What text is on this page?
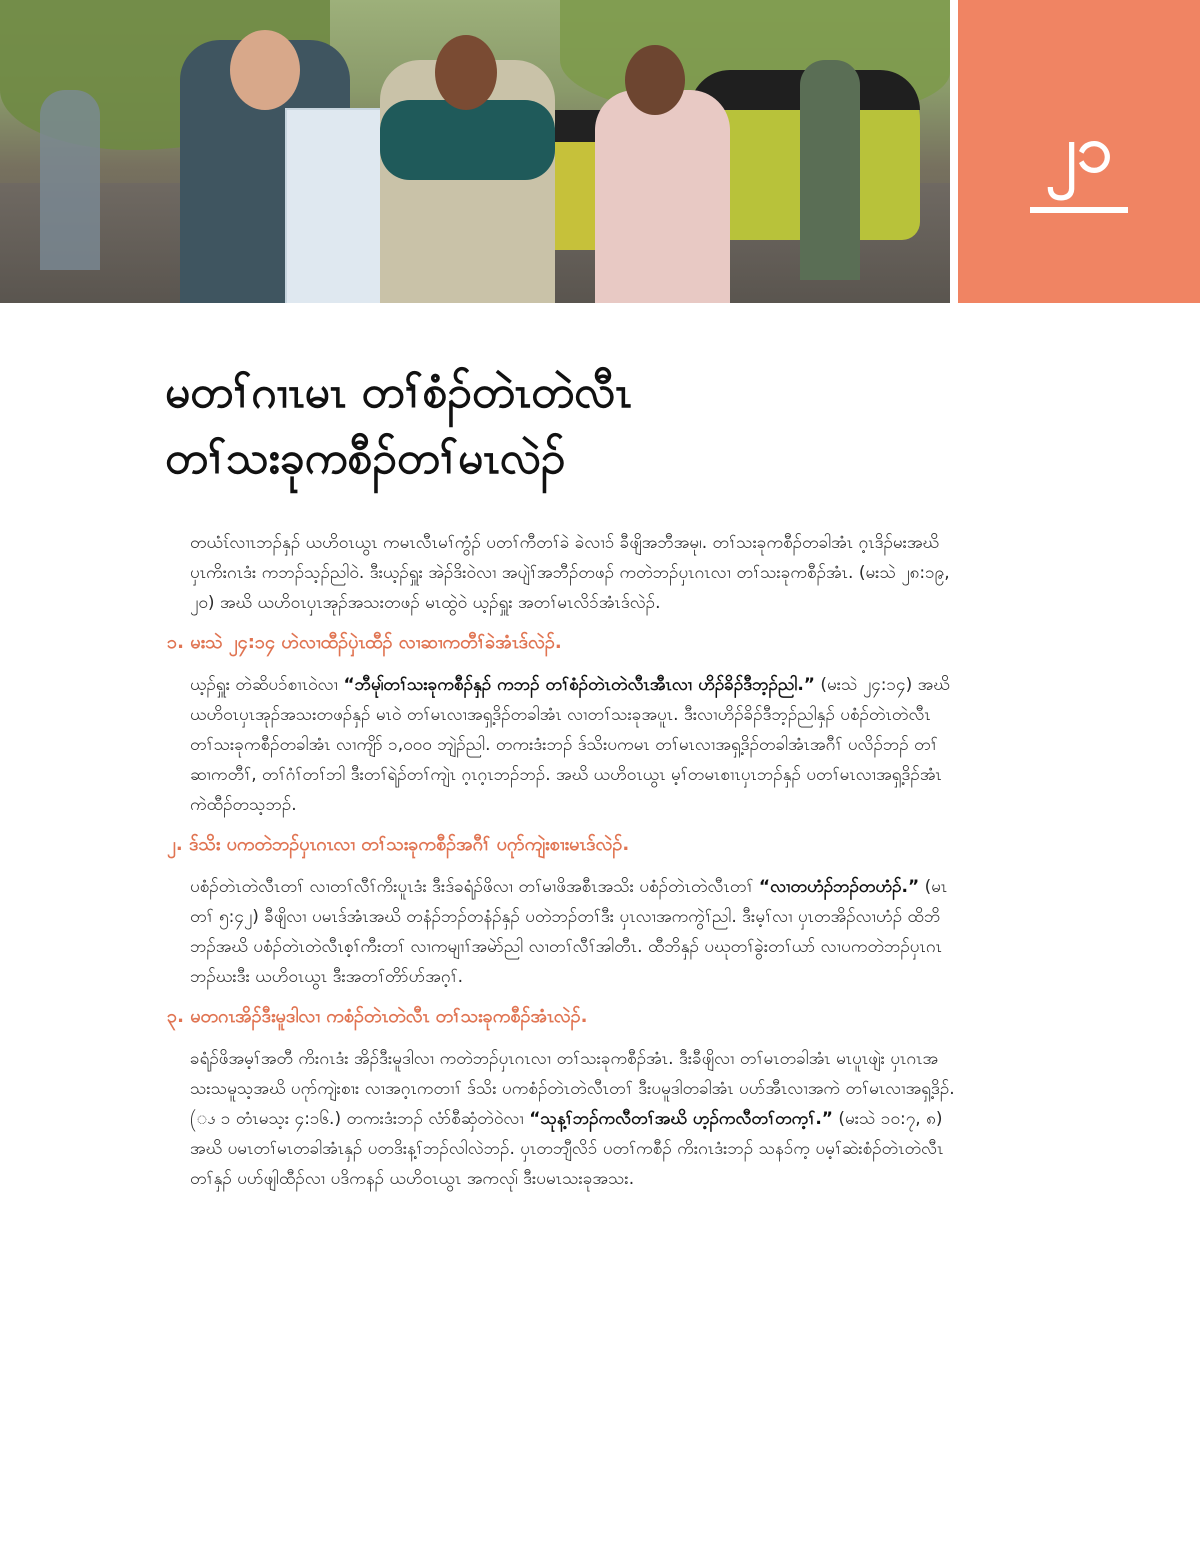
၂၁
မတၢ်ဂၢၤမၤ တၢ်စံၣ်တဲၤတဲလီၤ
တၢ်သးခုကစီၣ်တၢ်မၤလဲၣ်

တယံၤ်လၢၤဘၣ်နှၣ် ယဟိဝၤယွၤ ကမၤလီၤမၢ်ကွံၣ် ပတၢ်ကီတၢ်ခဲ ခဲလၢၥ် ခီဖျိအဘီအမု၊. တၢ်သးခုကစီၣ်တခါအံၤ ဂ့ၤဒိၣ်မးအဃိ ပှၤကိးဂၤဒံး ကဘၣ်သ့ၣ်ညါဝဲ. ဒီးယ့ၣ်ရှူး အဲၣ်ဒိးဝဲလၢ အပျဲၢ်အဘီၣ်တဖၣ် ကတဲဘၣ်ပှၤဂၤလၢ တၢ်သးခုကစီၣ်အံၤ. (မးသဲ ၂၈:၁၉, ၂၀) အဃိ ယဟိဝၤပှၤအုၣ်အသးတဖၣ် မၤထွဲဝဲ ယ့ၣ်ရှူး အတၢ်မၤလိၥ်အံၤဒ်လဲၣ်.

၁. မးသဲ ၂၄:၁၄ ဟဲလၢထီၣ်ပှဲၤထီၣ် လၢဆၢကတီၢ်ခဲအံၤဒ်လဲၣ်.

ယ့ၣ်ရှူး တဲဆိပၥ်စၢၤဝဲလၢ “ဘီမု၊်တၢ်သးခုကစီၣ်နှၣ် ကဘၣ် တၢ်စံၣ်တဲၤတဲလီၤအီၤလၢ ဟိၣ်ခိၣ်ဒီဘ့ၣ်ညါ.” (မးသဲ ၂၄:၁၄) အဃိ ယဟိဝၤပှၤအုၣ်အသးတဖၣ်နှၣ် မၤဝဲ တၢ်မၤလၢအရှ့ဒိၣ်တခါအံၤ လၢတၢ်သးခုအပူၤ. ဒီးလၢဟိၣ်ခိၣ်ဒီဘ့ၣ်ညါနှၣ် ပစံၣ်တဲၤတဲလီၤ တၢ်သးခုကစီၣ်တခါအံၤ လၢကျိာ် ၁,၀၀၀ ဘျဲၣ်ညါ. တကးဒံးဘၣ် ဒ်သိးပကမၤ တၢ်မၤလၢအရှ့ဒိၣ်တခါအံၤအဂီၢ် ပလိၣ်ဘၣ် တၢ်ဆၢကတီၢ်, တၢ်ဂံၢ်တၢ်ဘါ ဒီးတၢ်ရဲၣ်တၢ်ကျဲၤ ဂ့ၤဂ့ၤဘၣ်ဘၣ်. အဃိ ယဟိဝၤယွၤ မ့ၢ်တမၤစၢၤပှၤဘၣ်နှၣ် ပတၢ်မၤလၢအရှ့ဒိၣ်အံၤ ကဲထီၣ်တသ့ဘၣ်.

၂. ဒ်သိး ပကတဲဘၣ်ပှၤဂၤလၢ တၢ်သးခုကစီၣ်အဂီၢ် ပဂုာ်ကျဲးစၢးမၤဒ်လဲၣ်.

ပစံၣ်တဲၤတဲလီၤတၢ် လၢတၢ်လီၢ်ကိးပူၤဒံး ဒီးဒ်ခရံၣ်ဖိလၢ တၢ်မၢဖိအစီၤအသိး ပစံၣ်တဲၤတဲလီၤတၢ် “လၢတဟံၣ်ဘၣ်တဟံၣ်.” (မၤတၢ် ၅:၄၂) ခီဖျိလၢ ပမၤဒ်အံၤအဃိ တနံၣ်ဘၣ်တနံၣ်နှၣ် ပတဲဘၣ်တၢ်ဒီး ပှၤလၢအကကွဲၢ်ညါ. ဒီးမ့ၢ်လၢ ပှၤတအိၣ်လၢဟံၣ် ထိဘိဘၣ်အဃိ ပစံၣ်တဲၤတဲလီၤစ့ၢ်ကီးတၢ် လၢကမျၢၢ်အမဲာ်ညါ လၢတၢ်လီၢ်အါတီၤ. ထီဘိနှၣ် ပဃုတၢ်ခွဲးတၢ်ယာ် လၢပကတဲဘၣ်ပှၤဂၤ ဘၣ်ဃးဒီး ယဟိဝၤယွၤ ဒီးအတၢ်တိာ်ပာ်အဂ့ၢ်.

၃. မတဂၤအိၣ်ဒီးမူဒါလၢ ကစံၣ်တဲၤတဲလီၤ တၢ်သးခုကစီၣ်အံၤလဲၣ်.

ခရံၣ်ဖိအမ့ၢ်အတီ ကိးဂၤဒံး အိၣ်ဒီးမူဒါလၢ ကတဲဘၣ်ပှၤဂၤလၢ တၢ်သးခုကစီၣ်အံၤ. ဒီးခီဖျိလၢ တၢ်မၤတခါအံၤ မၤပူၤဖျဲး ပှၤဂၤအသးသမူသ့အဃိ ပဂုာ်ကျဲးစၢး လၢအဂ့ၤကတၢၢ် ဒ်သိး ပကစံၣ်တဲၤတဲလီၤတၢ် ဒီးပမူဒါတခါအံၤ ပပာ်အီၤလၢအကဲ တၢ်မၤလၢအရှ့ဒိၣ်. (ၖ ၁ တံၤမသ့း ၄:၁၆.) တကးဒံးဘၣ် လံာ်စီဆှံတဲဝဲလၢ “သုန့ၢ်ဘၣ်ကလီတၢ်အဃိ ဟ့ၣ်ကလီတၢ်တက့ၢ်.” (မးသဲ ၁၀:၇, ၈) အဃိ ပမၤတၢ်မၤတခါအံၤနှၣ် ပတဒိးန့ၢ်ဘၣ်လါလဲဘၣ်. ပှၤတဘျီလိၥ် ပတၢ်ကစီၣ် ကိးဂၤဒံးဘၣ် သနၥ်က့ ပမ့ၢ်ဆဲးစံၣ်တဲၤတဲလီၤတၢ်နှၣ် ပပာ်ဖျါထီၣ်လၢ ပဒိကနၣ် ယဟိဝၤယွၤ အကလု၊် ဒီးပမၤသးခုအသး.
